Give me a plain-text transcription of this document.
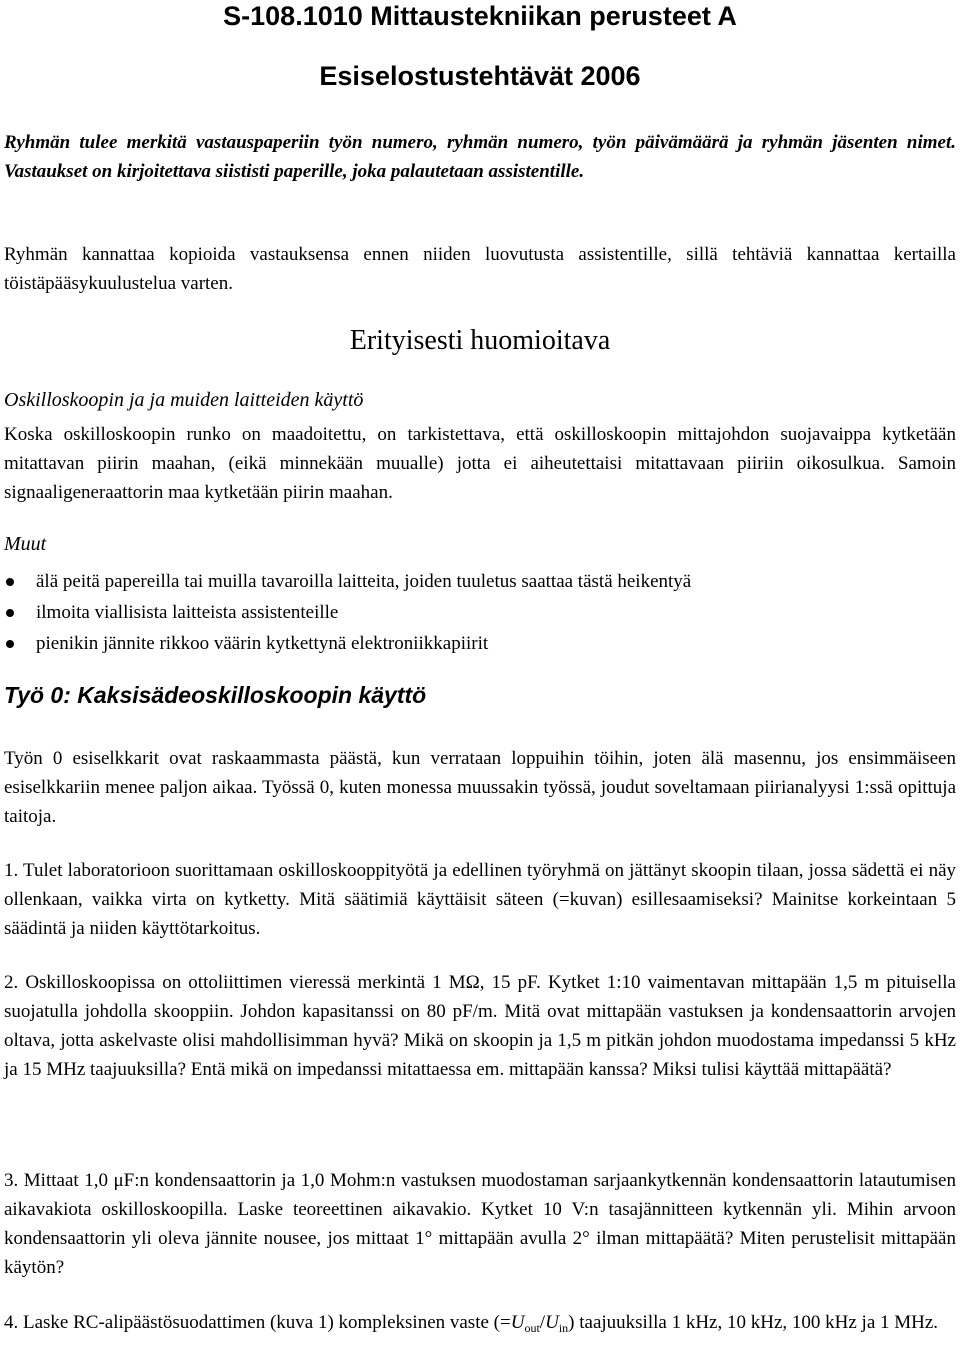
S-108.1010 Mittaustekniikan perusteet A
Esiselostustehtävät 2006

Ryhmän tulee merkitä vastauspaperiin työn numero, ryhmän numero, työn päivämäärä ja ryhmän jäsenten nimet. Vastaukset on kirjoitettava siististi paperille, joka palautetaan assistentille.

Ryhmän kannattaa kopioida vastauksensa ennen niiden luovutusta assistentille, sillä tehtäviä kannattaa kertailla töistäpääsykuulustelua varten.

Erityisesti huomioitava
Oskilloskoopin ja ja muiden laitteiden käyttö

Koska oskilloskoopin runko on maadoitettu, on tarkistettava, että oskilloskoopin mittajohdon suojavaippa kytketään mitattavan piirin maahan, (eikä minnekään muualle) jotta ei aiheutettaisi mitattavaan piiriin oikosulkua. Samoin signaaligeneraattorin maa kytketään piirin maahan.

Muut
älä peitä papereilla tai muilla tavaroilla laitteita, joiden tuuletus saattaa tästä heikentyä
ilmoita viallisista laitteista assistenteille
pienikin jännite rikkoo väärin kytkettynä elektroniikkapiirit
Työ 0: Kaksisädeoskilloskoopin käyttö

Työn 0 esiselkkarit ovat raskaammasta päästä, kun verrataan loppuihin töihin, joten älä masennu, jos ensimmäiseen esiselkkariin menee paljon aikaa. Työssä 0, kuten monessa muussakin työssä, joudut soveltamaan piirianalyysi 1:ssä opittuja taitoja.

1. Tulet laboratorioon suorittamaan oskilloskooppityötä ja edellinen työryhmä on jättänyt skoopin tilaan, jossa sädettä ei näy ollenkaan, vaikka virta on kytketty. Mitä säätimiä käyttäisit säteen (=kuvan) esillesaamiseksi? Mainitse korkeintaan 5 säädintä ja niiden käyttötarkoitus.

2. Oskilloskoopissa on ottoliittimen vieressä merkintä 1 MΩ, 15 pF. Kytket 1:10 vaimentavan mittapään 1,5 m pituisella suojatulla johdolla skooppiin. Johdon kapasitanssi on 80 pF/m. Mitä ovat mittapään vastuksen ja kondensaattorin arvojen oltava, jotta askelvaste olisi mahdollisimman hyvä? Mikä on skoopin ja 1,5 m pitkän johdon muodostama impedanssi 5 kHz ja 15 MHz taajuuksilla? Entä mikä on impedanssi mitattaessa em. mittapään kanssa? Miksi tulisi käyttää mittapäätä?

3. Mittaat 1,0 μF:n kondensaattorin ja 1,0 Mohm:n vastuksen muodostaman sarjaankytkennän kondensaattorin latautumisen aikavakiota oskilloskoopilla. Laske teoreettinen aikavakio. Kytket 10 V:n tasajännitteen kytkennän yli. Mihin arvoon kondensaattorin yli oleva jännite nousee, jos mittaat 1° mittapään avulla 2° ilman mittapäätä? Miten perustelisit mittapään käytön?

4. Laske RC-alipäästösuodattimen (kuva 1) kompleksinen vaste $(=U_{out}/U_{in})$ taajuuksilla 1 kHz, 10 kHz, 100 kHz ja 1 MHz.
